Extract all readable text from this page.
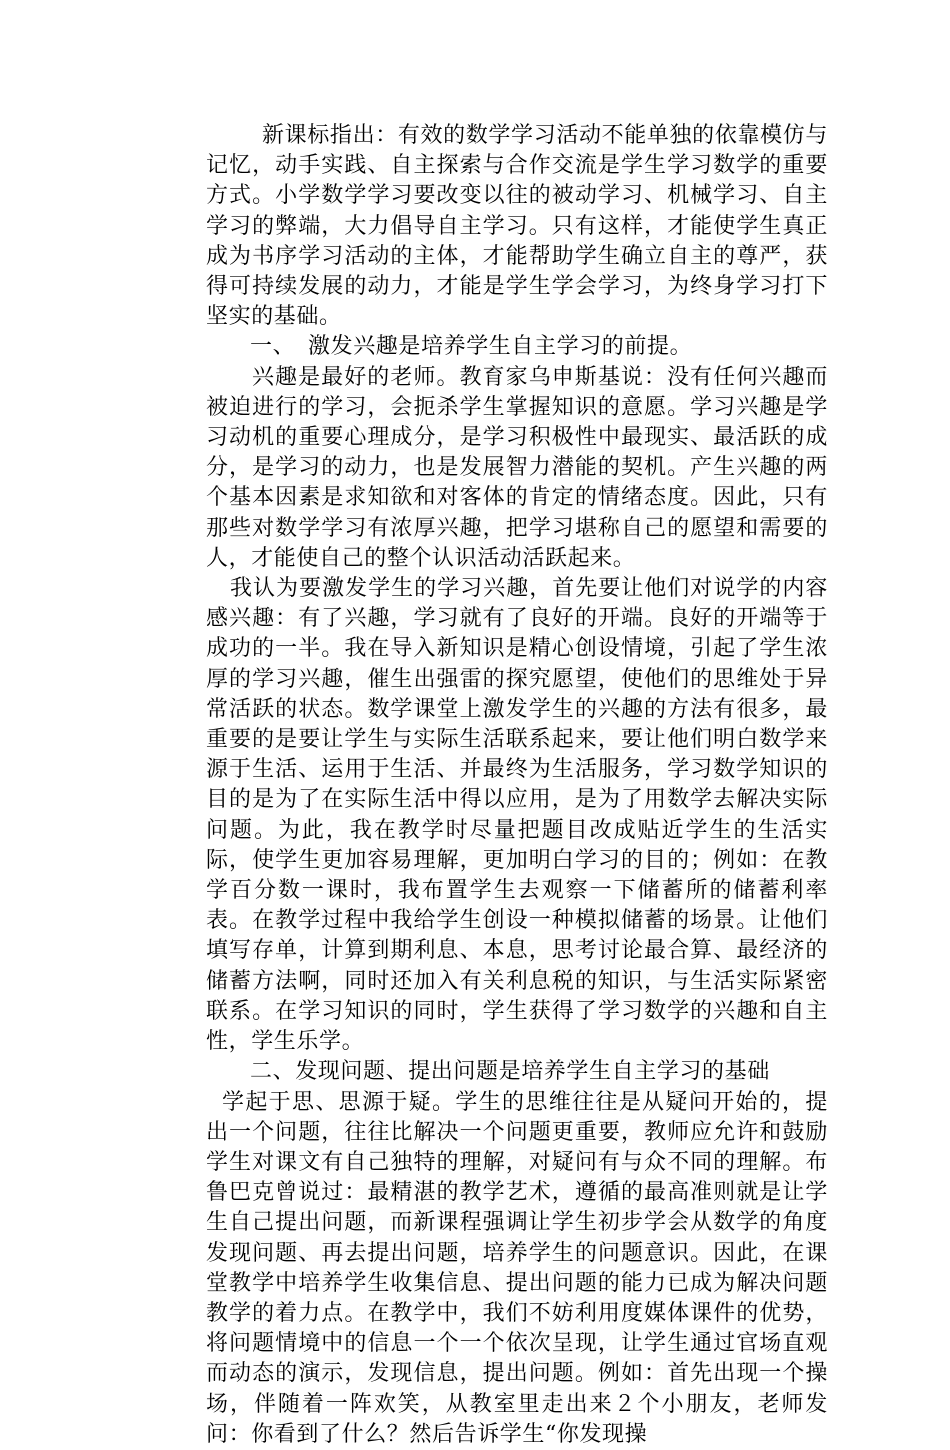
新课标指出：有效的数学学习活动不能单独的依靠模仿与记忆，动手实践、自主探索与合作交流是学生学习数学的重要方式。小学数学学习要改变以往的被动学习、机械学习、自主学习的弊端，大力倡导自主学习。只有这样，才能使学生真正成为书序学习活动的主体，才能帮助学生确立自主的尊严，获得可持续发展的动力，才能是学生学会学习，为终身学习打下坚实的基础。

一、 激发兴趣是培养学生自主学习的前提。

兴趣是最好的老师。教育家乌申斯基说：没有任何兴趣而被迫进行的学习，会扼杀学生掌握知识的意愿。学习兴趣是学习动机的重要心理成分，是学习积极性中最现实、最活跃的成分，是学习的动力，也是发展智力潜能的契机。产生兴趣的两个基本因素是求知欲和对客体的肯定的情绪态度。因此，只有那些对数学学习有浓厚兴趣，把学习堪称自己的愿望和需要的人，才能使自己的整个认识活动活跃起来。

我认为要激发学生的学习兴趣，首先要让他们对说学的内容感兴趣：有了兴趣，学习就有了良好的开端。良好的开端等于成功的一半。我在导入新知识是精心创设情境，引起了学生浓厚的学习兴趣，催生出强雷的探究愿望，使他们的思维处于异常活跃的状态。数学课堂上激发学生的兴趣的方法有很多，最重要的是要让学生与实际生活联系起来，要让他们明白数学来源于生活、运用于生活、并最终为生活服务，学习数学知识的目的是为了在实际生活中得以应用，是为了用数学去解决实际问题。为此，我在教学时尽量把题目改成贴近学生的生活实际，使学生更加容易理解，更加明白学习的目的；例如：在教学百分数一课时，我布置学生去观察一下储蓄所的储蓄利率表。在教学过程中我给学生创设一种模拟储蓄的场景。让他们填写存单，计算到期利息、本息，思考讨论最合算、最经济的储蓄方法啊，同时还加入有关利息税的知识，与生活实际紧密联系。在学习知识的同时，学生获得了学习数学的兴趣和自主性，学生乐学。

二、发现问题、提出问题是培养学生自主学习的基础

学起于思、思源于疑。学生的思维往往是从疑问开始的，提出一个问题，往往比解决一个问题更重要，教师应允许和鼓励学生对课文有自己独特的理解，对疑问有与众不同的理解。布鲁巴克曾说过：最精湛的教学艺术，遵循的最高准则就是让学生自己提出问题，而新课程强调让学生初步学会从数学的角度发现问题、再去提出问题，培养学生的问题意识。因此，在课堂教学中培养学生收集信息、提出问题的能力已成为解决问题教学的着力点。在教学中，我们不妨利用度媒体课件的优势，将问题情境中的信息一个一个依次呈现，让学生通过官场直观而动态的演示，发现信息，提出问题。例如：首先出现一个操场，伴随着一阵欢笑，从教室里走出来２个小朋友，老师发问：你看到了什么？然后告诉学生“你发现操
